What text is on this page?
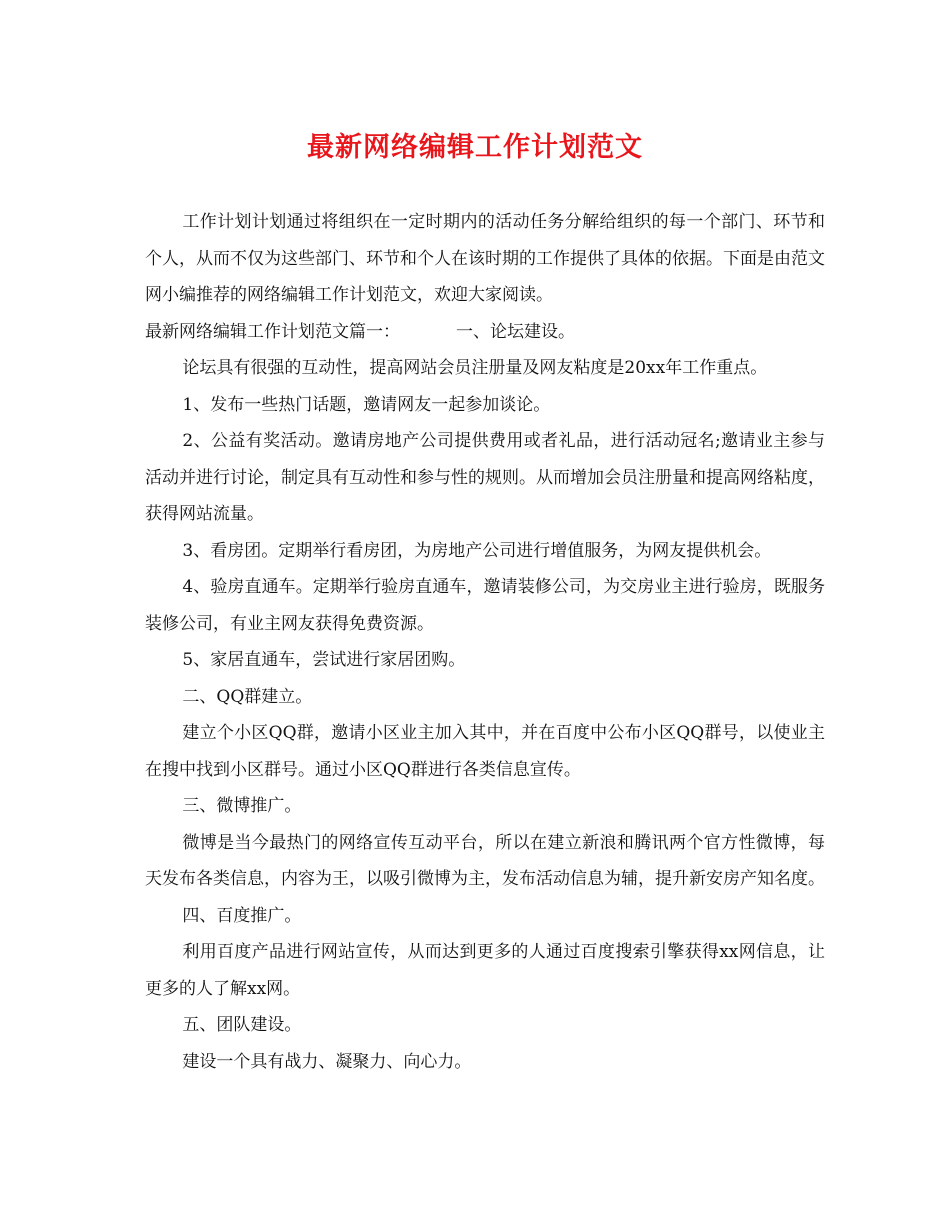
最新网络编辑工作计划范文

工作计划计划通过将组织在一定时期内的活动任务分解给组织的每一个部门、环节和个人，从而不仅为这些部门、环节和个人在该时期的工作提供了具体的依据。下面是由范文网小编推荐的网络编辑工作计划范文，欢迎大家阅读。

最新网络编辑工作计划范文篇一：	一、论坛建设。

论坛具有很强的互动性，提高网站会员注册量及网友粘度是20xx年工作重点。

1、发布一些热门话题，邀请网友一起参加谈论。

2、公益有奖活动。邀请房地产公司提供费用或者礼品，进行活动冠名;邀请业主参与活动并进行讨论，制定具有互动性和参与性的规则。从而增加会员注册量和提高网络粘度，获得网站流量。

3、看房团。定期举行看房团，为房地产公司进行增值服务，为网友提供机会。

4、验房直通车。定期举行验房直通车，邀请装修公司，为交房业主进行验房，既服务装修公司，有业主网友获得免费资源。

5、家居直通车，尝试进行家居团购。

二、QQ群建立。

建立个小区QQ群，邀请小区业主加入其中，并在百度中公布小区QQ群号，以使业主在搜中找到小区群号。通过小区QQ群进行各类信息宣传。

三、微博推广。

微博是当今最热门的网络宣传互动平台，所以在建立新浪和腾讯两个官方性微博，每天发布各类信息，内容为王，以吸引微博为主，发布活动信息为辅，提升新安房产知名度。

四、百度推广。

利用百度产品进行网站宣传，从而达到更多的人通过百度搜索引擎获得xx网信息，让更多的人了解xx网。

五、团队建设。

建设一个具有战力、凝聚力、向心力。
